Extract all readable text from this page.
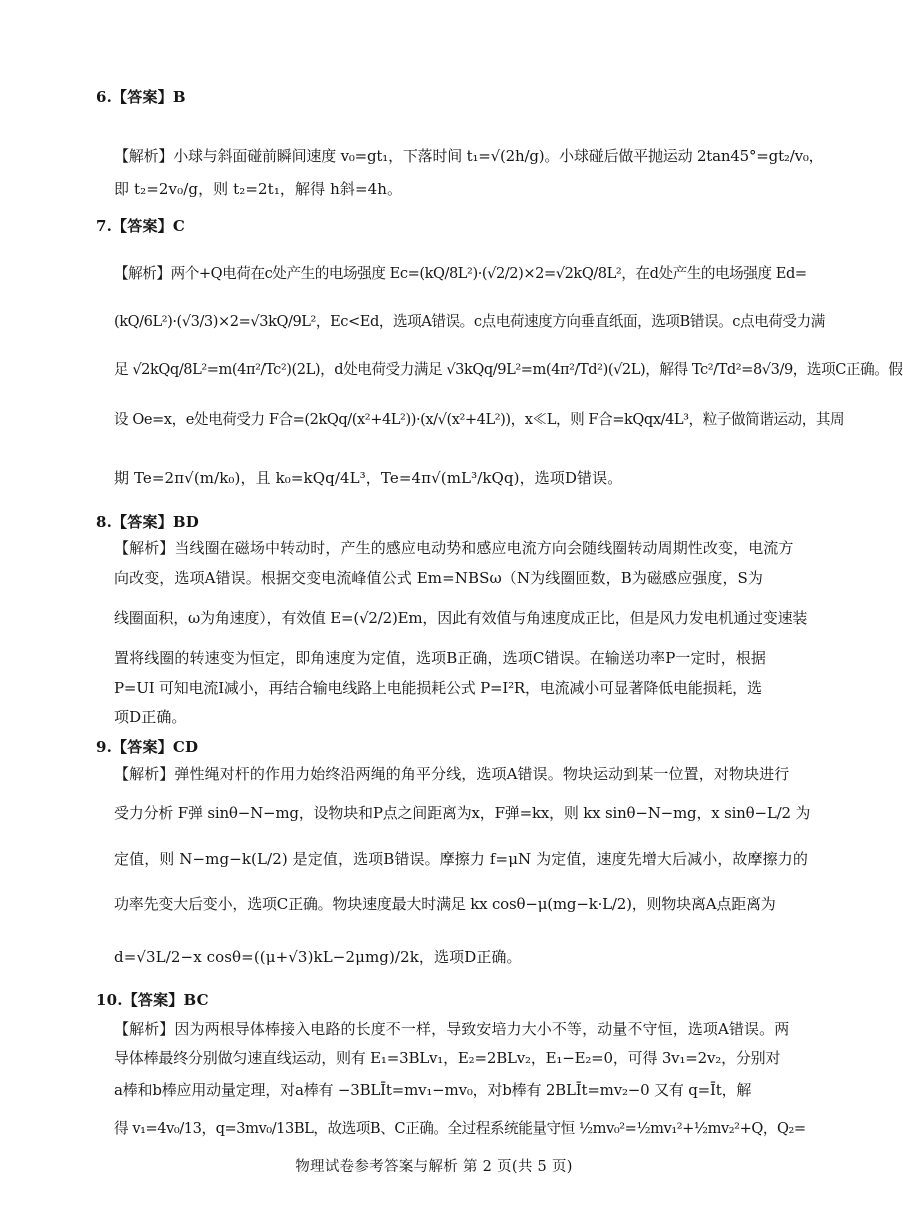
6.【答案】B
【解析】小球与斜面碰前瞬间速度 v₀=gt₁，下落时间 t₁=√(2h/g)。小球碰后做平抛运动 2tan45°=gt₂/v₀，
即 t₂=2v₀/g，则 t₂=2t₁，解得 h斜=4h。
7.【答案】C
【解析】两个+Q电荷在c处产生的电场强度 Ec=(kQ/8L²)·(√2/2)×2=√2kQ/8L²，在d处产生的电场强度 Ed=
(kQ/6L²)·(√3/3)×2=√3kQ/9L²，Ec<Ed，选项A错误。c点电荷速度方向垂直纸面，选项B错误。c点电荷受力满
足 √2kQq/8L²=m(4π²/Tc²)(2L)，d处电荷受力满足 √3kQq/9L²=m(4π²/Td²)(√2L)，解得 Tc²/Td²=8√3/9，选项C正确。假
设 Oe=x，e处电荷受力 F合=(2kQq/(x²+4L²))·(x/√(x²+4L²))，x≪L，则 F合=kQqx/4L³，粒子做简谐运动，其周
期 Te=2π√(m/k₀)，且 k₀=kQq/4L³，Te=4π√(mL³/kQq)，选项D错误。
8.【答案】BD
【解析】当线圈在磁场中转动时，产生的感应电动势和感应电流方向会随线圈转动周期性改变，电流方
向改变，选项A错误。根据交变电流峰值公式 Em=NBSω（N为线圈匝数，B为磁感应强度，S为
线圈面积，ω为角速度），有效值 E=(√2/2)Em，因此有效值与角速度成正比，但是风力发电机通过变速装
置将线圈的转速变为恒定，即角速度为定值，选项B正确，选项C错误。在输送功率P一定时，根据
P=UI 可知电流I减小，再结合输电线路上电能损耗公式 P=I²R，电流减小可显著降低电能损耗，选
项D正确。
9.【答案】CD
【解析】弹性绳对杆的作用力始终沿两绳的角平分线，选项A错误。物块运动到某一位置，对物块进行
受力分析 F弹 sinθ−N−mg，设物块和P点之间距离为x，F弹=kx，则 kx sinθ−N−mg，x sinθ−L/2 为
定值，则 N−mg−k(L/2) 是定值，选项B错误。摩擦力 f=μN 为定值，速度先增大后减小，故摩擦力的
功率先变大后变小，选项C正确。物块速度最大时满足 kx cosθ−μ(mg−k·L/2)，则物块离A点距离为
d=√3L/2−x cosθ=((μ+√3)kL−2μmg)/2k，选项D正确。
10.【答案】BC
【解析】因为两根导体棒接入电路的长度不一样，导致安培力大小不等，动量不守恒，选项A错误。两
导体棒最终分别做匀速直线运动，则有 E₁=3BLv₁，E₂=2BLv₂，E₁−E₂=0，可得 3v₁=2v₂，分别对
a棒和b棒应用动量定理，对a棒有 −3BLĪt=mv₁−mv₀，对b棒有 2BLĪt=mv₂−0 又有 q=Īt，解
得 v₁=4v₀/13，q=3mv₀/13BL，故选项B、C正确。全过程系统能量守恒 ½mv₀²=½mv₁²+½mv₂²+Q，Q₂=
物理试卷参考答案与解析 第 2 页(共 5 页)
